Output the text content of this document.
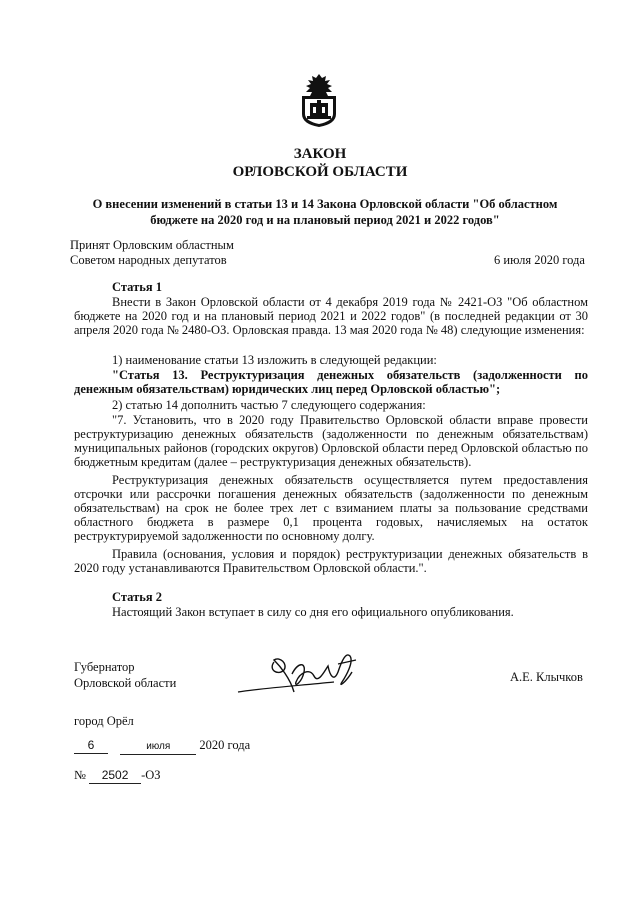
ЗАКОН
ОРЛОВСКОЙ ОБЛАСТИ
О внесении изменений в статьи 13 и 14 Закона Орловской области "Об областном бюджете на 2020 год и на плановый период 2021 и 2022 годов"
Принят Орловским областным
Советом народных депутатов	6 июля 2020 года
Статья 1
Внести в Закон Орловской области от 4 декабря 2019 года № 2421-ОЗ "Об областном бюджете на 2020 год и на плановый период 2021 и 2022 годов" (в последней редакции от 30 апреля 2020 года № 2480-ОЗ. Орловская правда. 13 мая 2020 года № 48) следующие изменения:
1) наименование статьи 13 изложить в следующей редакции:
"Статья 13. Реструктуризация денежных обязательств (задолженности по денежным обязательствам) юридических лиц перед Орловской областью";
2) статью 14 дополнить частью 7 следующего содержания:
"7. Установить, что в 2020 году Правительство Орловской области вправе провести реструктуризацию денежных обязательств (задолженности по денежным обязательствам) муниципальных районов (городских округов) Орловской области перед Орловской областью по бюджетным кредитам (далее – реструктуризация денежных обязательств).
Реструктуризация денежных обязательств осуществляется путем предоставления отсрочки или рассрочки погашения денежных обязательств (задолженности по денежным обязательствам) на срок не более трех лет с взиманием платы за пользование средствами областного бюджета в размере 0,1 процента годовых, начисляемых на остаток реструктурируемой задолженности по основному долгу.
Правила (основания, условия и порядок) реструктуризации денежных обязательств в 2020 году устанавливаются Правительством Орловской области.".
Статья 2
Настоящий Закон вступает в силу со дня его официального опубликования.
Губернатор
Орловской области	А.Е. Клычков
город Орёл
6	июля 2020 года
№ 2502 -ОЗ
